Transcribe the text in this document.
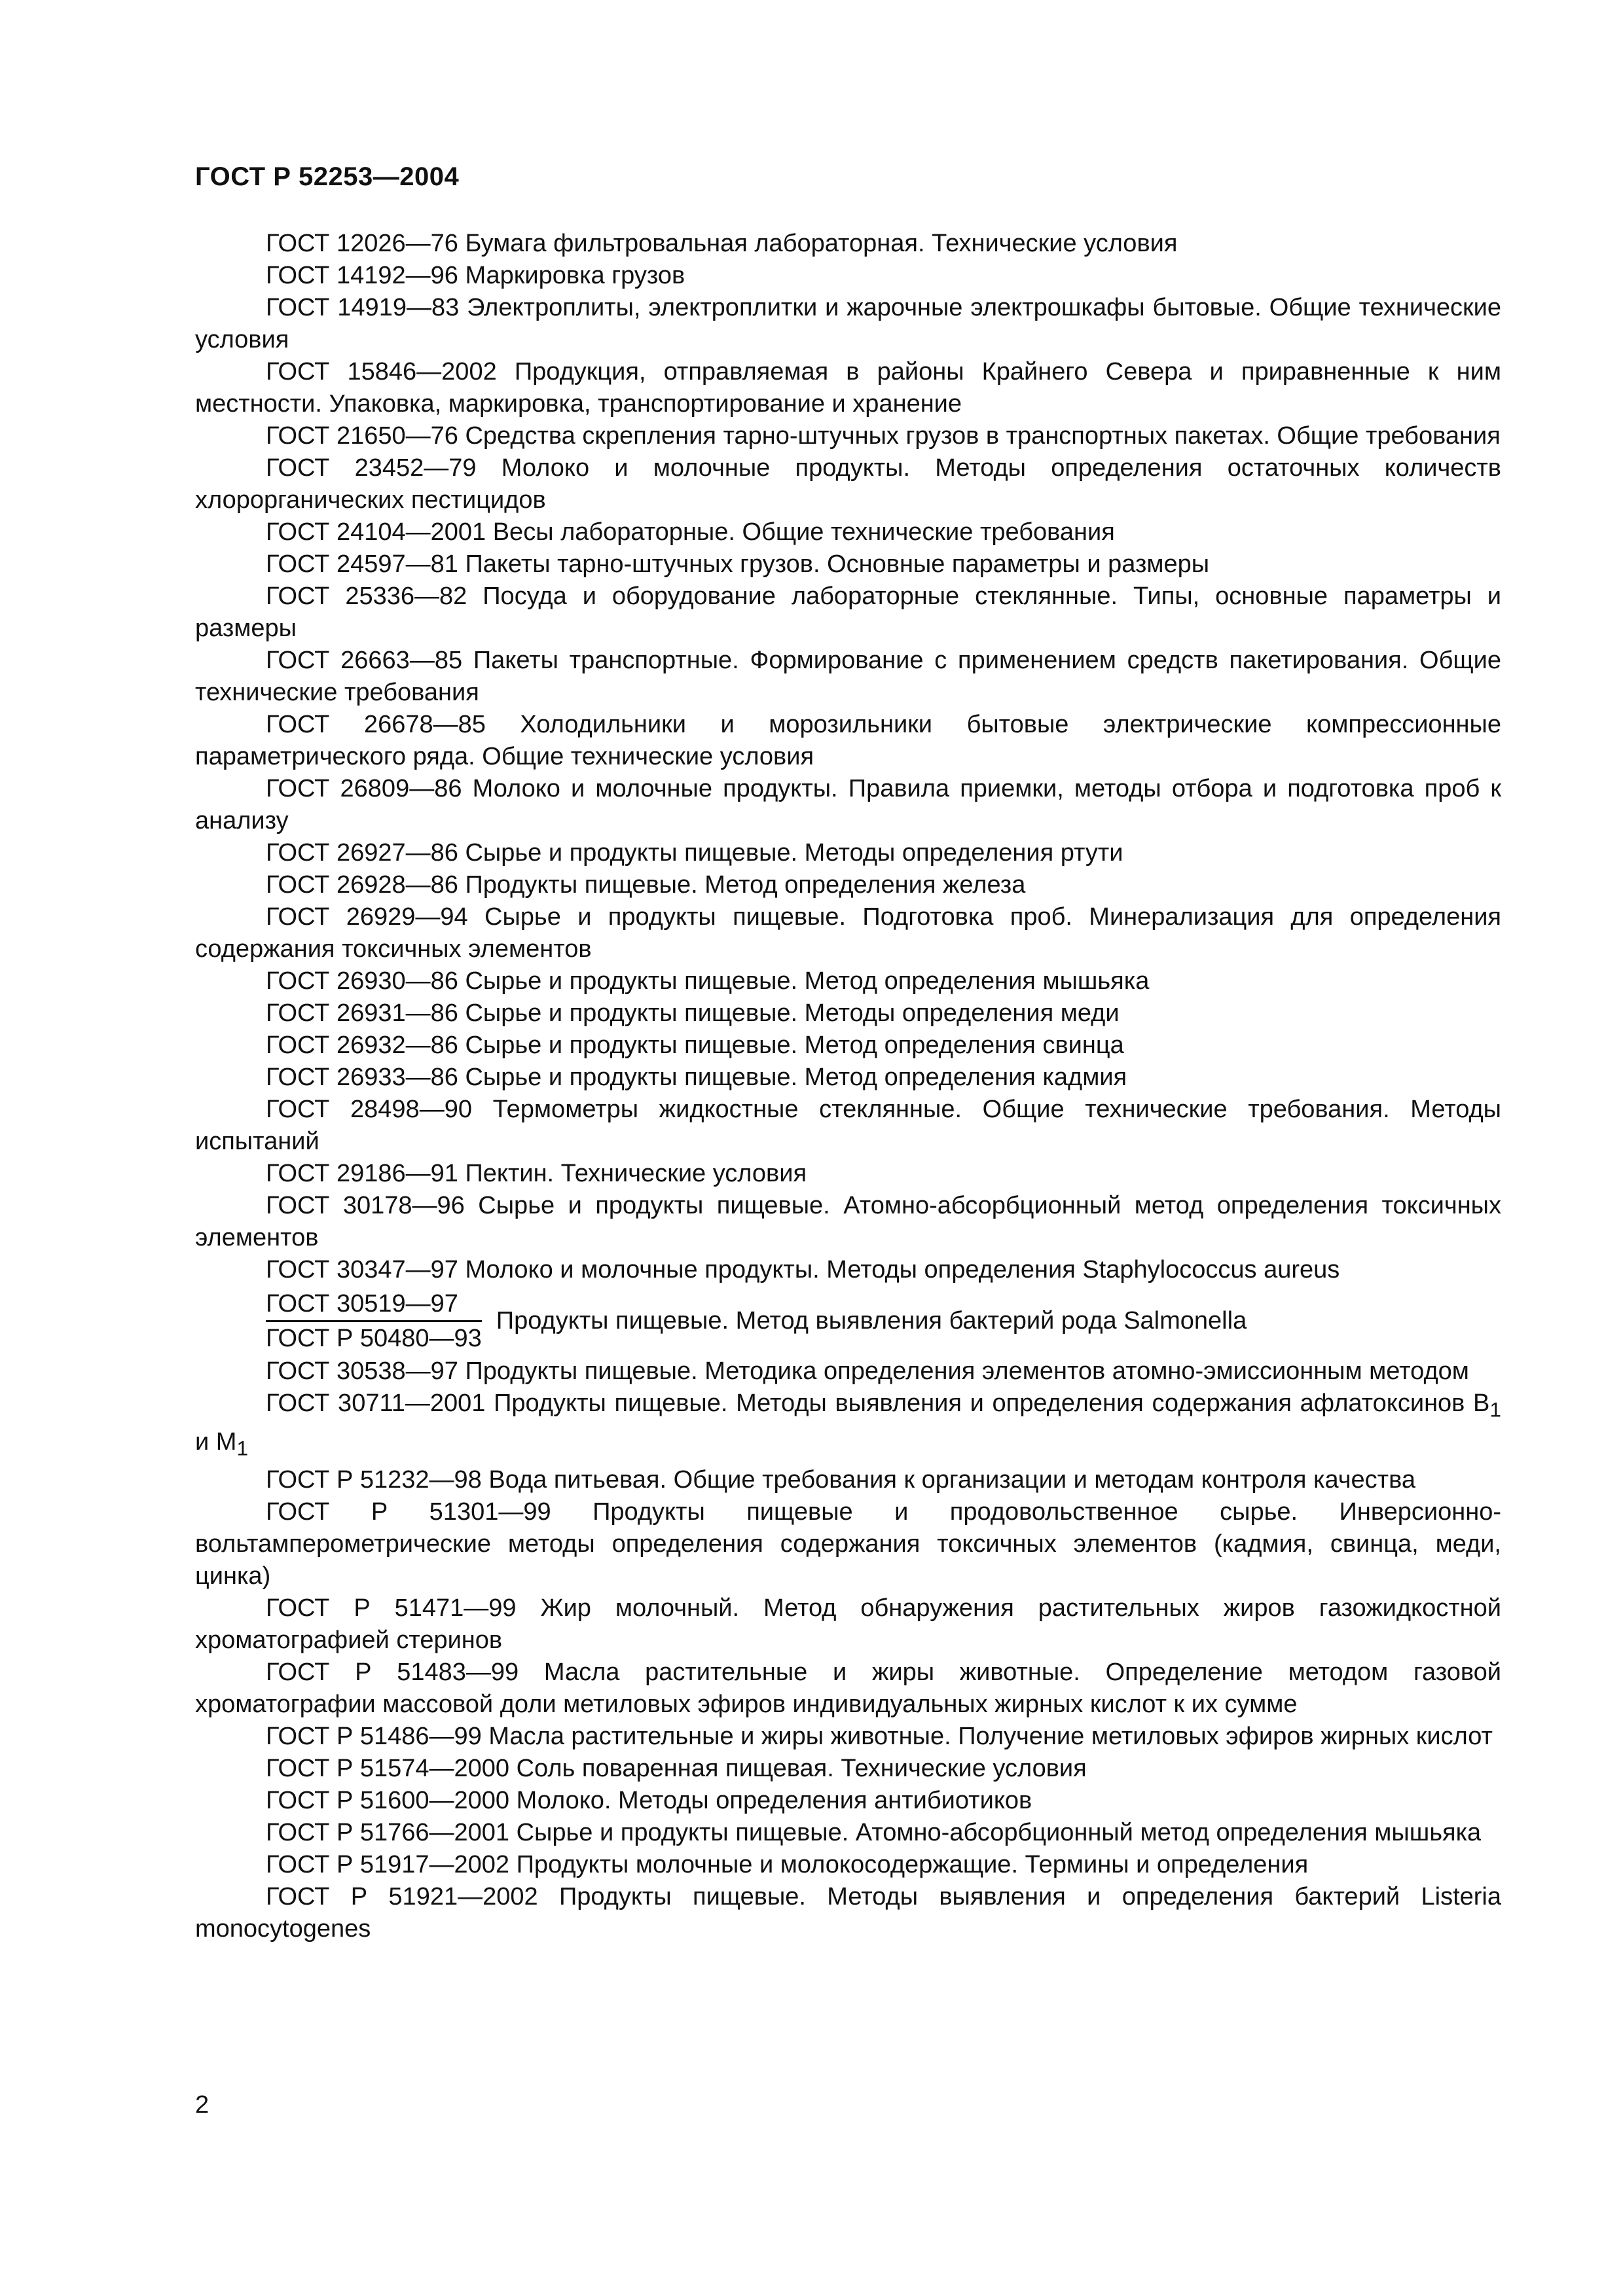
ГОСТ Р 52253—2004

ГОСТ 12026—76 Бумага фильтровальная лабораторная. Технические условия

ГОСТ 14192—96 Маркировка грузов

ГОСТ 14919—83 Электроплиты, электроплитки и жарочные электрошкафы бытовые. Общие технические условия

ГОСТ 15846—2002 Продукция, отправляемая в районы Крайнего Севера и приравненные к ним местности. Упаковка, маркировка, транспортирование и хранение

ГОСТ 21650—76 Средства скрепления тарно-штучных грузов в транспортных пакетах. Общие требования

ГОСТ 23452—79 Молоко и молочные продукты. Методы определения остаточных количеств хлорорганических пестицидов

ГОСТ 24104—2001 Весы лабораторные. Общие технические требования

ГОСТ 24597—81 Пакеты тарно-штучных грузов. Основные параметры и размеры

ГОСТ 25336—82 Посуда и оборудование лабораторные стеклянные. Типы, основные параметры и размеры

ГОСТ 26663—85 Пакеты транспортные. Формирование с применением средств пакетирования. Общие технические требования

ГОСТ 26678—85 Холодильники и морозильники бытовые электрические компрессионные параметрического ряда. Общие технические условия

ГОСТ 26809—86 Молоко и молочные продукты. Правила приемки, методы отбора и подготовка проб к анализу

ГОСТ 26927—86 Сырье и продукты пищевые. Методы определения ртути

ГОСТ 26928—86 Продукты пищевые. Метод определения железа

ГОСТ 26929—94 Сырье и продукты пищевые. Подготовка проб. Минерализация для определения содержания токсичных элементов

ГОСТ 26930—86 Сырье и продукты пищевые. Метод определения мышьяка

ГОСТ 26931—86 Сырье и продукты пищевые. Методы определения меди

ГОСТ 26932—86 Сырье и продукты пищевые. Метод определения свинца

ГОСТ 26933—86 Сырье и продукты пищевые. Метод определения кадмия

ГОСТ 28498—90 Термометры жидкостные стеклянные. Общие технические требования. Методы испытаний

ГОСТ 29186—91 Пектин. Технические условия

ГОСТ 30178—96 Сырье и продукты пищевые. Атомно-абсорбционный метод определения токсичных элементов

ГОСТ 30347—97 Молоко и молочные продукты. Методы определения Staphylococcus aureus

$\frac{\text{ГОСТ 30519—97}}{\text{ГОСТ Р 50480—93}}$ Продукты пищевые. Метод выявления бактерий рода Salmonella

ГОСТ 30538—97 Продукты пищевые. Методика определения элементов атомно-эмиссионным методом

ГОСТ 30711—2001 Продукты пищевые. Методы выявления и определения содержания афлатоксинов $B_1$ и $M_1$

ГОСТ Р 51232—98 Вода питьевая. Общие требования к организации и методам контроля качества

ГОСТ Р 51301—99 Продукты пищевые и продовольственное сырье. Инверсионно-вольтамперометрические методы определения содержания токсичных элементов (кадмия, свинца, меди, цинка)

ГОСТ Р 51471—99 Жир молочный. Метод обнаружения растительных жиров газожидкостной хроматографией стеринов

ГОСТ Р 51483—99 Масла растительные и жиры животные. Определение методом газовой хроматографии массовой доли метиловых эфиров индивидуальных жирных кислот к их сумме

ГОСТ Р 51486—99 Масла растительные и жиры животные. Получение метиловых эфиров жирных кислот

ГОСТ Р 51574—2000 Соль поваренная пищевая. Технические условия

ГОСТ Р 51600—2000 Молоко. Методы определения антибиотиков

ГОСТ Р 51766—2001 Сырье и продукты пищевые. Атомно-абсорбционный метод определения мышьяка

ГОСТ Р 51917—2002 Продукты молочные и молокосодержащие. Термины и определения

ГОСТ Р 51921—2002 Продукты пищевые. Методы выявления и определения бактерий Listeria monocytogenes

2
